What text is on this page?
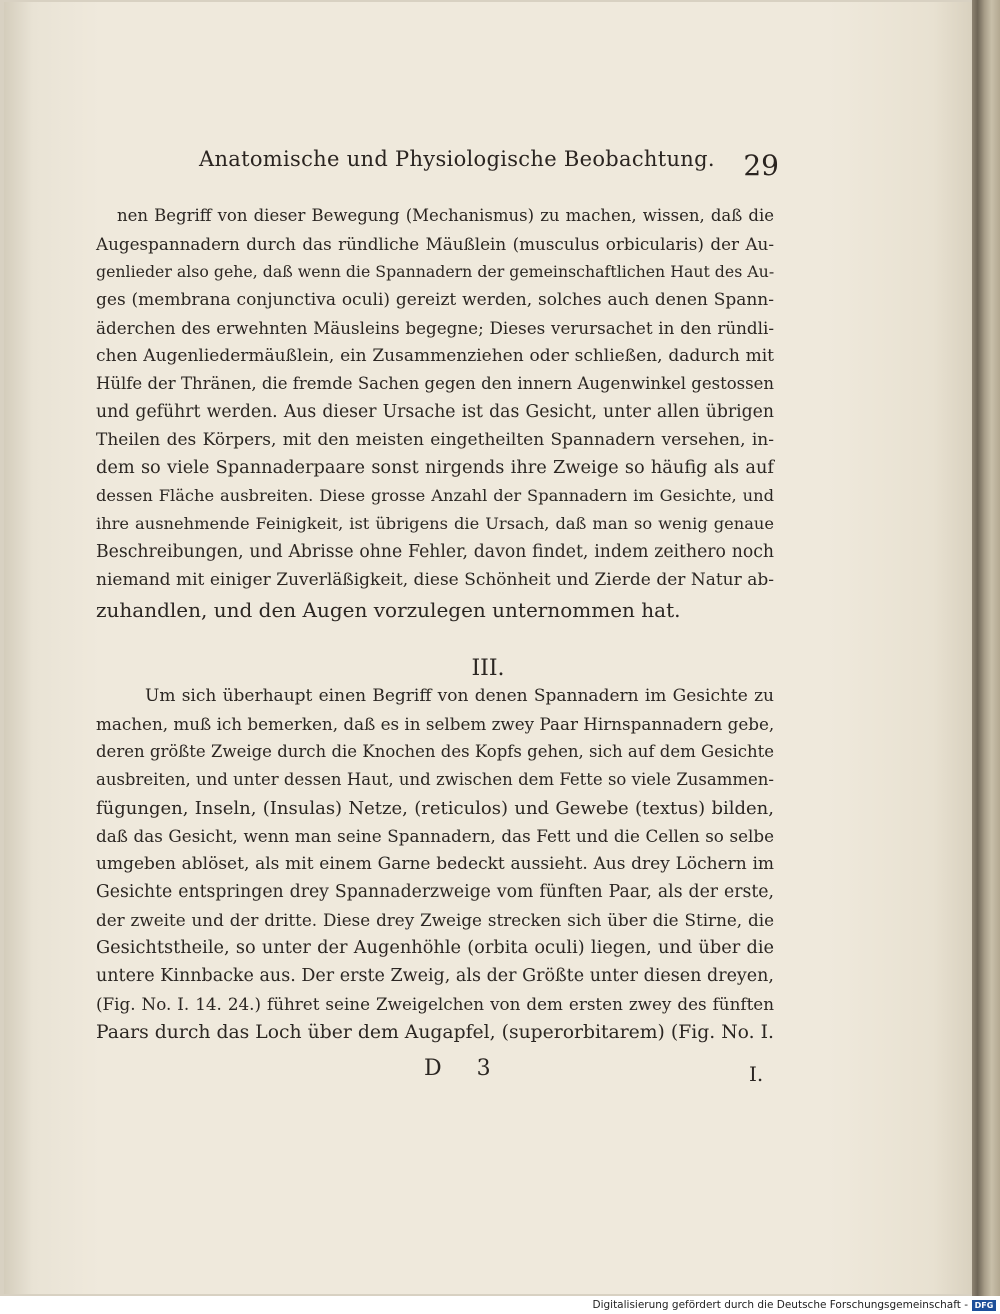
Anatomische und Physiologische Beobachtung. 29
nen Begriff von dieser Bewegung (Mechanismus) zu machen, wissen, daß die
Augespannadern durch das ründliche Mäußlein (musculus orbicularis) der Au-
genlieder also gehe, daß wenn die Spannadern der gemeinschaftlichen Haut des Au-
ges (membrana conjunctiva oculi) gereizt werden, solches auch denen Spann-
äderchen des erwehnten Mäusleins begegne; Dieses verursachet in den ründli-
chen Augenliedermäußlein, ein Zusammenziehen oder schließen, dadurch mit
Hülfe der Thränen, die fremde Sachen gegen den innern Augenwinkel gestossen
und geführt werden. Aus dieser Ursache ist das Gesicht, unter allen übrigen
Theilen des Körpers, mit den meisten eingetheilten Spannadern versehen, in-
dem so viele Spannaderpaare sonst nirgends ihre Zweige so häufig als auf
dessen Fläche ausbreiten. Diese grosse Anzahl der Spannadern im Gesichte, und
ihre ausnehmende Feinigkeit, ist übrigens die Ursach, daß man so wenig genaue
Beschreibungen, und Abrisse ohne Fehler, davon findet, indem zeithero noch
niemand mit einiger Zuverläßigkeit, diese Schönheit und Zierde der Natur ab-
zuhandlen, und den Augen vorzulegen unternommen hat.
III.
Um sich überhaupt einen Begriff von denen Spannadern im Gesichte zu
machen, muß ich bemerken, daß es in selbem zwey Paar Hirnspannadern gebe,
deren größte Zweige durch die Knochen des Kopfs gehen, sich auf dem Gesichte
ausbreiten, und unter dessen Haut, und zwischen dem Fette so viele Zusammen-
fügungen, Inseln, (Insulas) Netze, (reticulos) und Gewebe (textus) bilden,
daß das Gesicht, wenn man seine Spannadern, das Fett und die Cellen so selbe
umgeben ablöset, als mit einem Garne bedeckt aussieht. Aus drey Löchern im
Gesichte entspringen drey Spannaderzweige vom fünften Paar, als der erste,
der zweite und der dritte. Diese drey Zweige strecken sich über die Stirne, die
Gesichtstheile, so unter der Augenhöhle (orbita oculi) liegen, und über die
untere Kinnbacke aus. Der erste Zweig, als der Größte unter diesen dreyen,
(Fig. No. I. 14. 24.) führet seine Zweigelchen von dem ersten zwey des fünften
Paars durch das Loch über dem Augapfel, (superorbitarem) (Fig. No. I.
D 3	I.
Digitalisierung gefördert durch die Deutsche Forschungsgemeinschaft - DFG
